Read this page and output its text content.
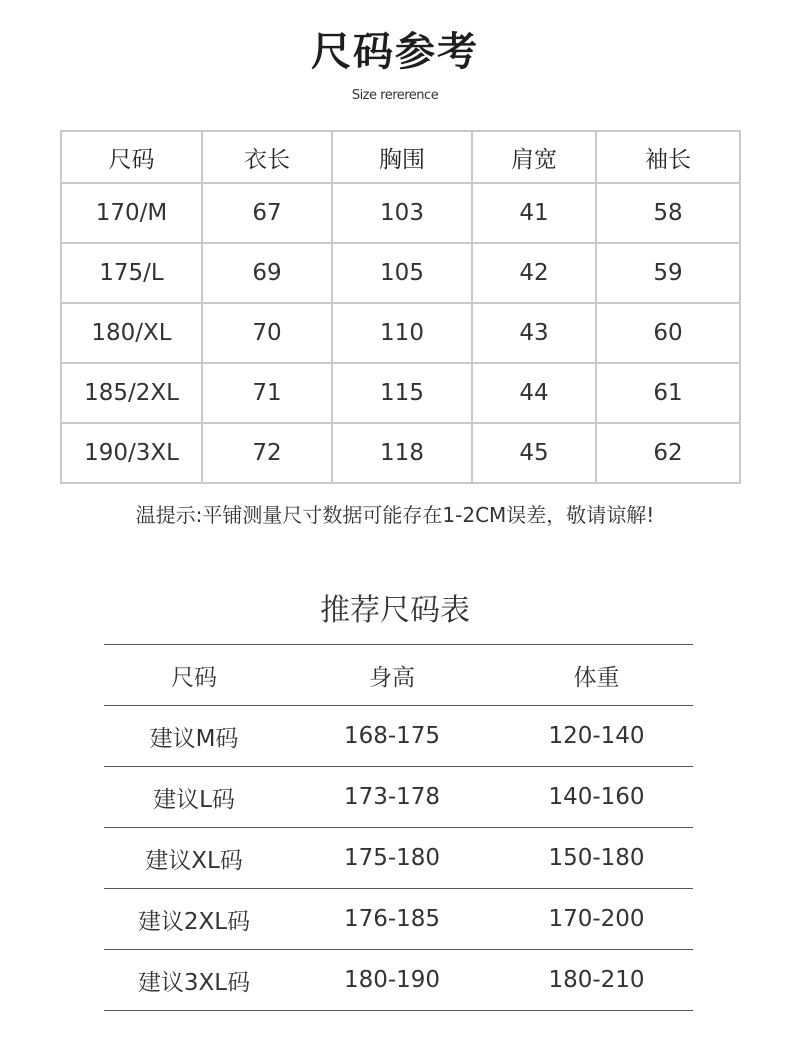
尺码参考
Size rererence
尺码	衣长	胸围	肩宽	袖长
170/M	67	103	41	58
175/L	69	105	42	59
180/XL	70	110	43	60
185/2XL	71	115	44	61
190/3XL	72	118	45	62
温提示:平铺测量尺寸数据可能存在1-2CM误差，敬请谅解!
推荐尺码表
尺码	身高	体重
建议M码	168-175	120-140
建议L码	173-178	140-160
建议XL码	175-180	150-180
建议2XL码	176-185	170-200
建议3XL码	180-190	180-210
